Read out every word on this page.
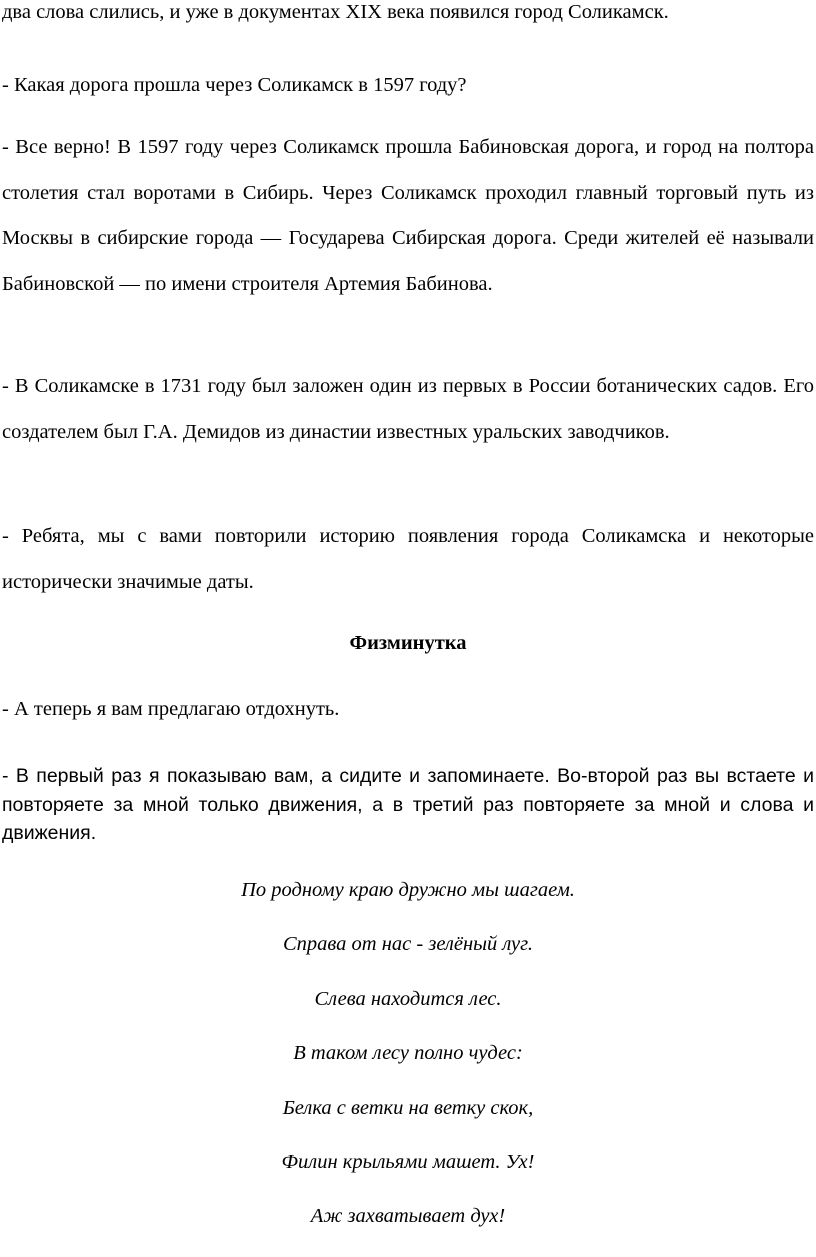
два слова слились, и уже в документах XIX века появился город Соликамск.

- Какая дорога прошла через Соликамск в 1597 году?

- Все верно! В 1597 году через Соликамск прошла Бабиновская дорога, и город на полтора столетия стал воротами в Сибирь. Через Соликамск проходил главный торговый путь из Москвы в сибирские города — Государева Сибирская дорога. Среди жителей её называли Бабиновской — по имени строителя Артемия Бабинова.

- В Соликамске в 1731 году был заложен один из первых в России ботанических садов. Его создателем был Г.А. Демидов из династии известных уральских заводчиков.

- Ребята, мы с вами повторили историю появления города Соликамска и некоторые исторически значимые даты.

Физминутка

- А теперь я вам предлагаю отдохнуть.

- В первый раз я показываю вам, а сидите и запоминаете. Во-второй раз вы встаете и повторяете за мной только движения, а в третий раз повторяете за мной и слова и движения.

По родному краю дружно мы шагаем.
Справа от нас - зелёный луг.
Слева находится лес.
В таком лесу полно чудес:
Белка с ветки на ветку скок,
Филин крыльями машет. Ух!
Аж захватывает дух!
